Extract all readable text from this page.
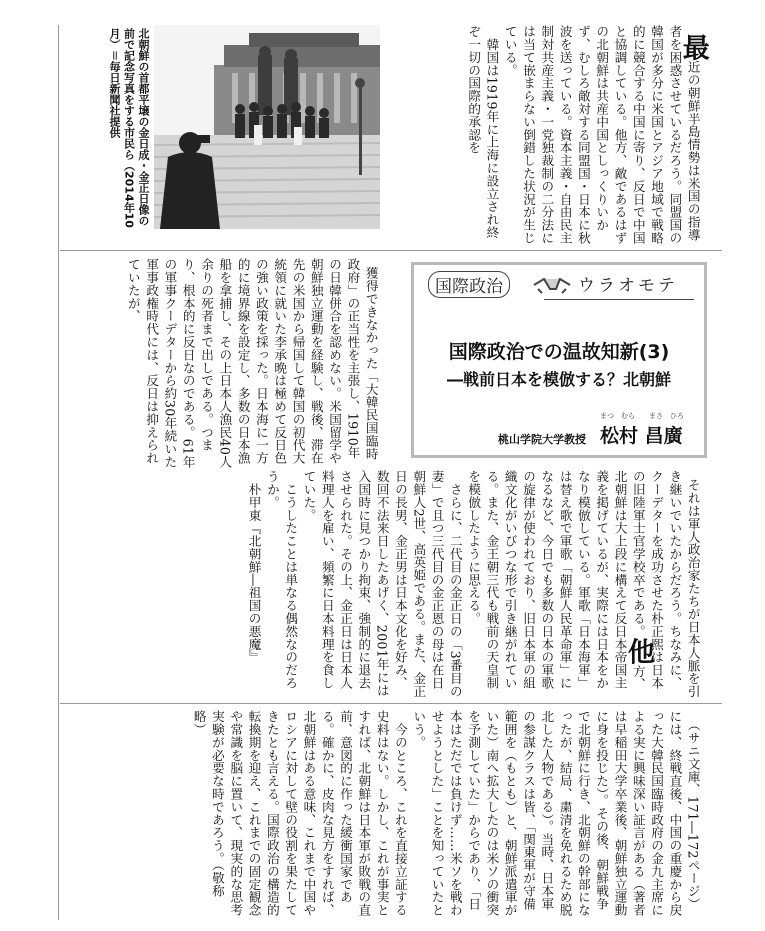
北朝鮮の首都平壌の金日成・金正日像の前で記念写真をする市民ら（2014年10月）＝毎日新聞社提供	最近の朝鮮半島情勢は米国の指導者を困惑させているだろう。同盟国の韓国が多分に米国とアジア地域で戦略的に競合する中国に寄り、反日で中国と協調している。他方、敵であるはずの北朝鮮は共産中国としっくりいかず、むしろ敵対する同盟国・日本に秋波を送っている。資本主義・自由民主制対共産主義・一党独裁制の二分法には当て嵌まらない倒錯した状況が生じている。
　韓国は1919年に上海に設立され終ぞ一切の国際的承認を

国際政治	ウラオモテ
国際政治での温故知新(3)
―戦前日本を模倣する？北朝鮮
まつ　むら　　まさ　ひろ
桃山学院大学教授 松村 昌廣

獲得できなかった「大韓民国臨時政府」の正当性を主張し、1910年の日韓併合を認めない。米国留学や朝鮮独立運動を経験し、戦後、滞在先の米国から帰国して韓国の初代大統領に就いた李承晩は極めて反日色の強い政策を採った。日本海に一方的に境界線を設定し、多数の日本漁船を拿捕し、その上日本人漁民40人余りの死者まで出しである。つまり、根本的に反日なのである。61年の軍事クーデターから約30年続いた軍事政権時代には、反日は抑えられていたが、

それは軍人政治家たちが日本人脈を引き継いでいたからだろう。ちなみに、クーデターを成功させた朴正煕は日本の旧陸軍士官学校卒である。他方、北朝鮮は大上段に構えて反日本帝国主義を掲げているが、実際には日本をかなり模倣している。軍歌「日本海軍」は替え歌で軍歌「朝鮮人民革命軍」になるなど、今日でも多数の日本の軍歌の旋律が使われており、旧日本軍の組織文化がいびつな形で引き継がれている。また、金王朝三代も戦前の天皇制を模倣したように思える。
　さらに、二代目の金正日の「3番目の妻」で且つ三代目の金正恩の母は在日朝鮮人2世、高英姫である。また、金正日の長男、金正男は日本文化を好み、数回不法来日したあげく、2001年には入国時に見つかり拘束、強制的に退去させられた。その上、金正日は日本人料理人を雇い、頻繁に日本料理を食していた。
　こうしたことは単なる偶然なのだろうか。
　朴甲東『北朝鮮―祖国の悪魔』

（サニ文庫、171―172ページ）には、終戦直後、中国の重慶から戻った大韓民国臨時政府の金九主席による実に興味深い証言がある（著者は早稲田大学卒業後、朝鮮独立運動に身を投じた）。その後、朝鮮戦争で北朝鮮に行き、北朝鮮の幹部になったが、結局、粛清を免れるため脱北した人物である）。当時、日本軍の参謀クラスは皆、「関東軍が守備範囲を（もとも）と、朝鮮派遣軍がいた）南へ拡大したのは米ソの衝突を予測していた」からであり、「日本はただでは負けず……米ソを戦わせようとした」ことを知っていたという。
　今のところ、これを直接立証する史料はない。しかし、これが事実とすれば、北朝鮮は日本軍が敗戦の直前、意図的に作った緩衝国家である。確かに、皮肉な見方をすれば、北朝鮮はある意味、これまで中国やロシアに対して壁の役割を果たしてきたとも言える。国際政治の構造的転換期を迎え、これまでの固定観念や常識を脳に置いて、現実的な思考実験が必要な時であろう。（敬称略）
